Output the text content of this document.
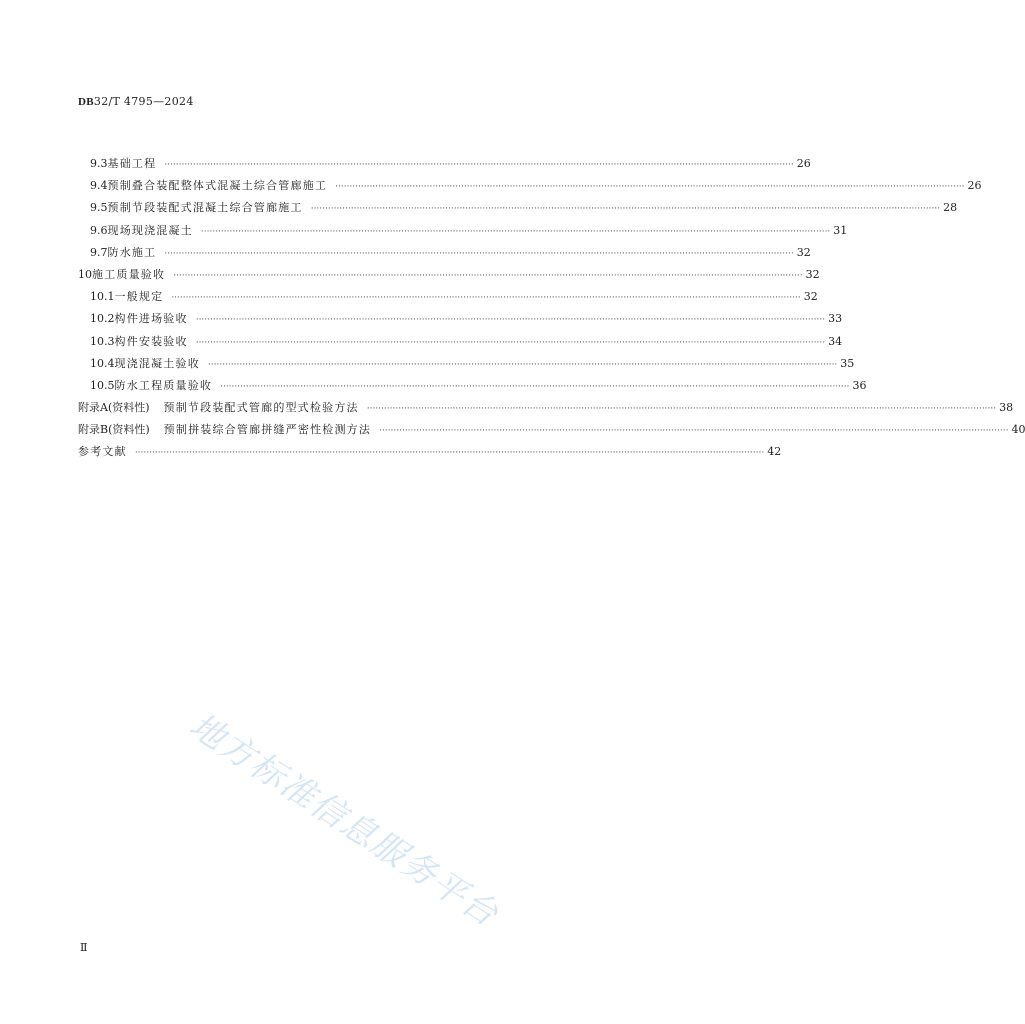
DB32/T 4795—2024
9.3 基础工程 ···························································································································································································································· 26
9.4 预制叠合装配整体式混凝土综合管廊施工 ···························································································································································································································· 26
9.5 预制节段装配式混凝土综合管廊施工 ···························································································································································································································· 28
9.6 现场现浇混凝土 ···························································································································································································································· 31
9.7 防水施工 ···························································································································································································································· 32
10 施工质量验收 ···························································································································································································································· 32
10.1 一般规定 ···························································································································································································································· 32
10.2 构件进场验收 ···························································································································································································································· 33
10.3 构件安装验收 ···························································································································································································································· 34
10.4 现浇混凝土验收 ···························································································································································································································· 35
10.5 防水工程质量验收 ···························································································································································································································· 36
附录A(资料性) 预制节段装配式管廊的型式检验方法 ···························································································································································································································· 38
附录B(资料性) 预制拼装综合管廊拼缝严密性检测方法 ···························································································································································································································· 40
参考文献 ···························································································································································································································· 42
地方标准信息服务平台
Ⅱ
